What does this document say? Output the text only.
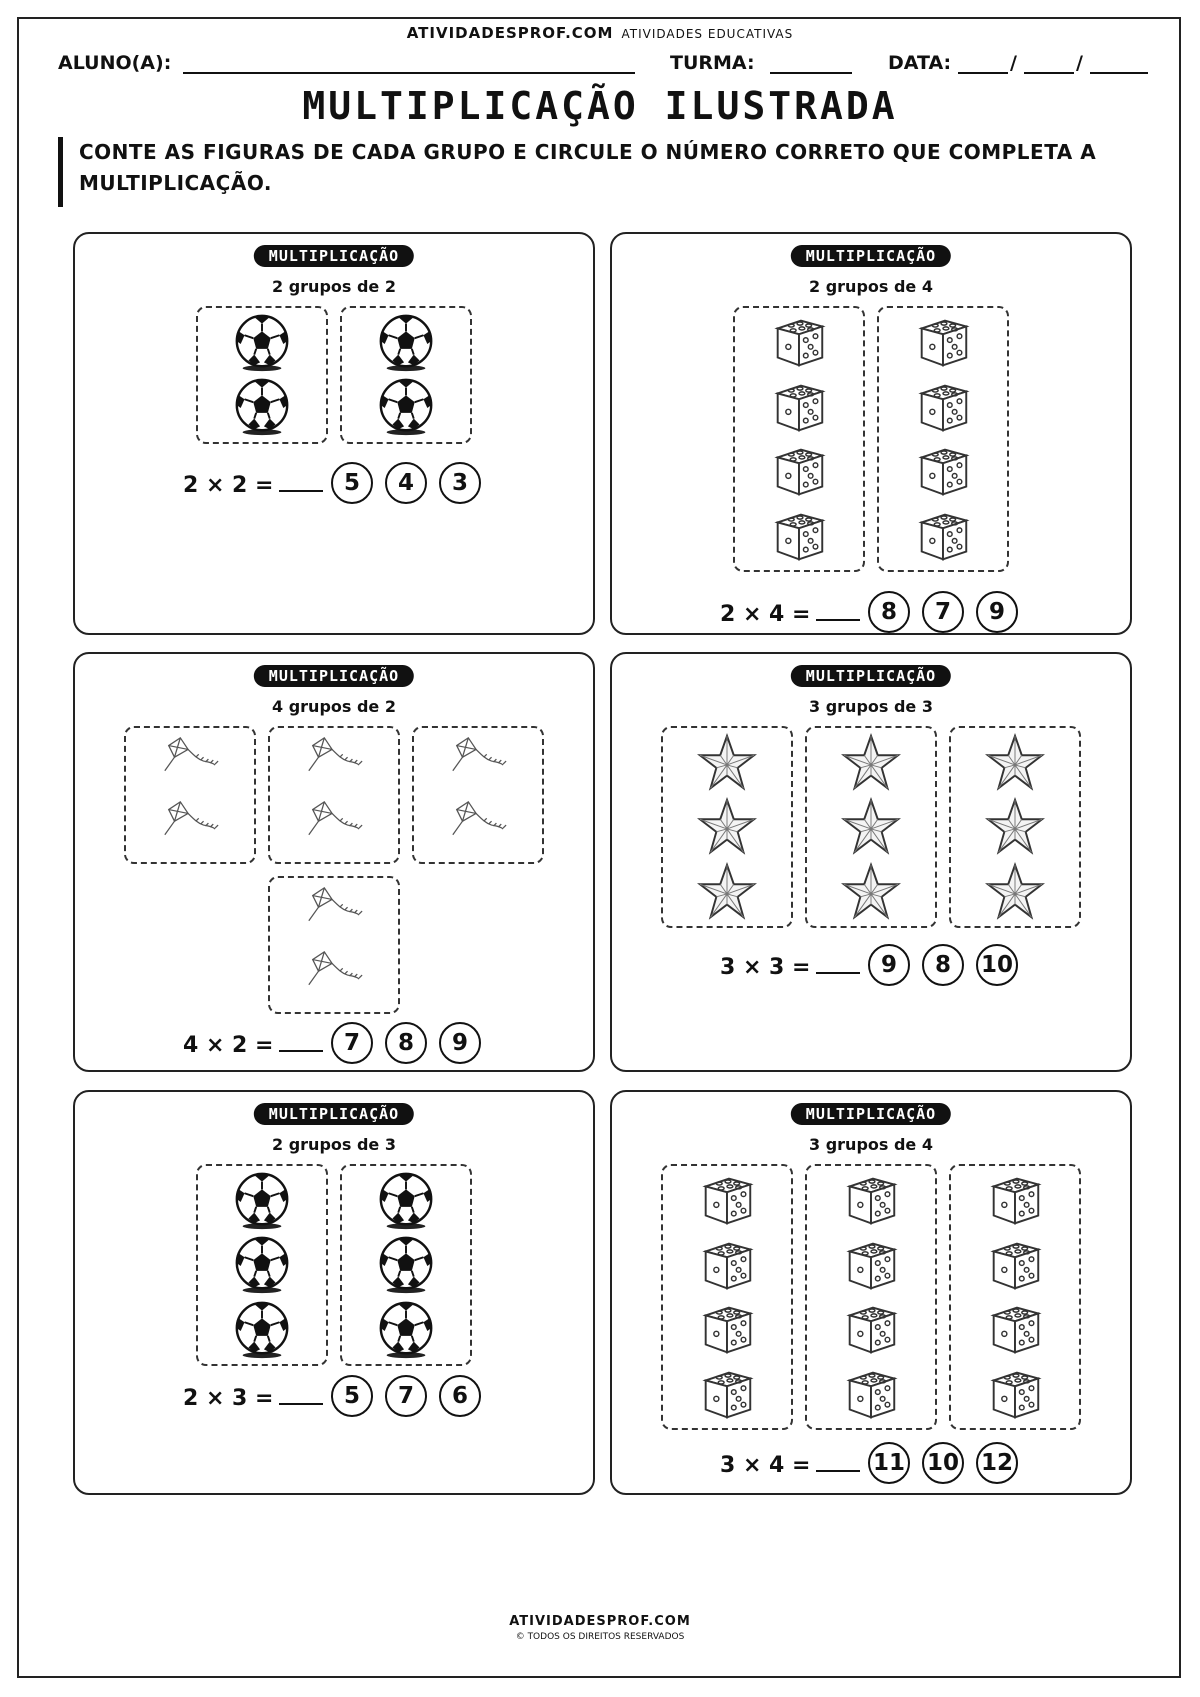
ATIVIDADESPROF.COM ATIVIDADES EDUCATIVAS
ALUNO(A):	TURMA:	DATA:	/	/
MULTIPLICAÇÃO ILUSTRADA
CONTE AS FIGURAS DE CADA GRUPO E CIRCULE O NÚMERO CORRETO QUE COMPLETA A MULTIPLICAÇÃO.
MULTIPLICAÇÃO
2 grupos de 2
2 × 2 =	5	4	3
MULTIPLICAÇÃO
2 grupos de 4
2 × 4 =	8	7	9
MULTIPLICAÇÃO
4 grupos de 2
4 × 2 =	7	8	9
MULTIPLICAÇÃO
3 grupos de 3
3 × 3 =	9	8	10
MULTIPLICAÇÃO
2 grupos de 3
2 × 3 =	5	7	6
MULTIPLICAÇÃO
3 grupos de 4
3 × 4 =	11 10 12
ATIVIDADESPROF.COM
© TODOS OS DIREITOS RESERVADOS
